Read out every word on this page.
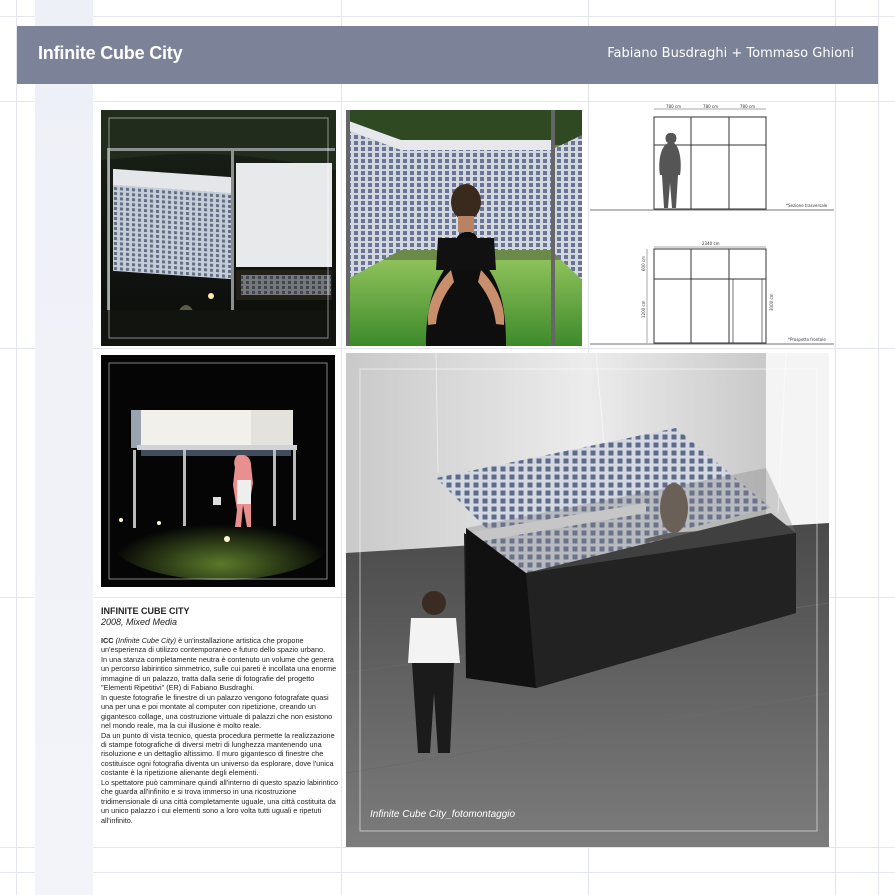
Infinite Cube City	Fabiano Busdraghi + Tommaso Ghioni
780 cm	780 cm	780 cm
*Sezione trasversale
2340 cm
600 cm
1200 cm	3000 cm
*Prospetto frontale
Infinite Cube City_fotomontaggio
INFINITE CUBE CITY
2008, Mixed Media

ICC (Infinite Cube City) è un'installazione artistica che propone un'esperienza di utilizzo contemporaneo e futuro dello spazio urbano.

In una stanza completamente neutra è contenuto un volume che genera un percorso labirintico simmetrico, sulle cui pareti è incollata una enorme immagine di un palazzo, tratta dalla serie di fotografie del progetto "Elementi Ripetitivi" (ER) di Fabiano Busdraghi.

In queste fotografie le finestre di un palazzo vengono fotografate quasi una per una e poi montate al computer con ripetizione, creando un gigantesco collage, una costruzione virtuale di palazzi che non esistono nel mondo reale, ma la cui illusione è molto reale.

Da un punto di vista tecnico, questa procedura permette la realizzazione di stampe fotografiche di diversi metri di lunghezza mantenendo una risoluzione e un dettaglio altissimo. Il muro gigantesco di finestre che costituisce ogni fotografia diventa un universo da esplorare, dove l'unica costante è la ripetizione alienante degli elementi.

Lo spettatore può camminare quindi all'interno di questo spazio labirintico che guarda all'infinito e si trova immerso in una ricostruzione tridimensionale di una città completamente uguale, una città costituita da un unico palazzo i cui elementi sono a loro volta tutti uguali e ripetuti all'infinito.
